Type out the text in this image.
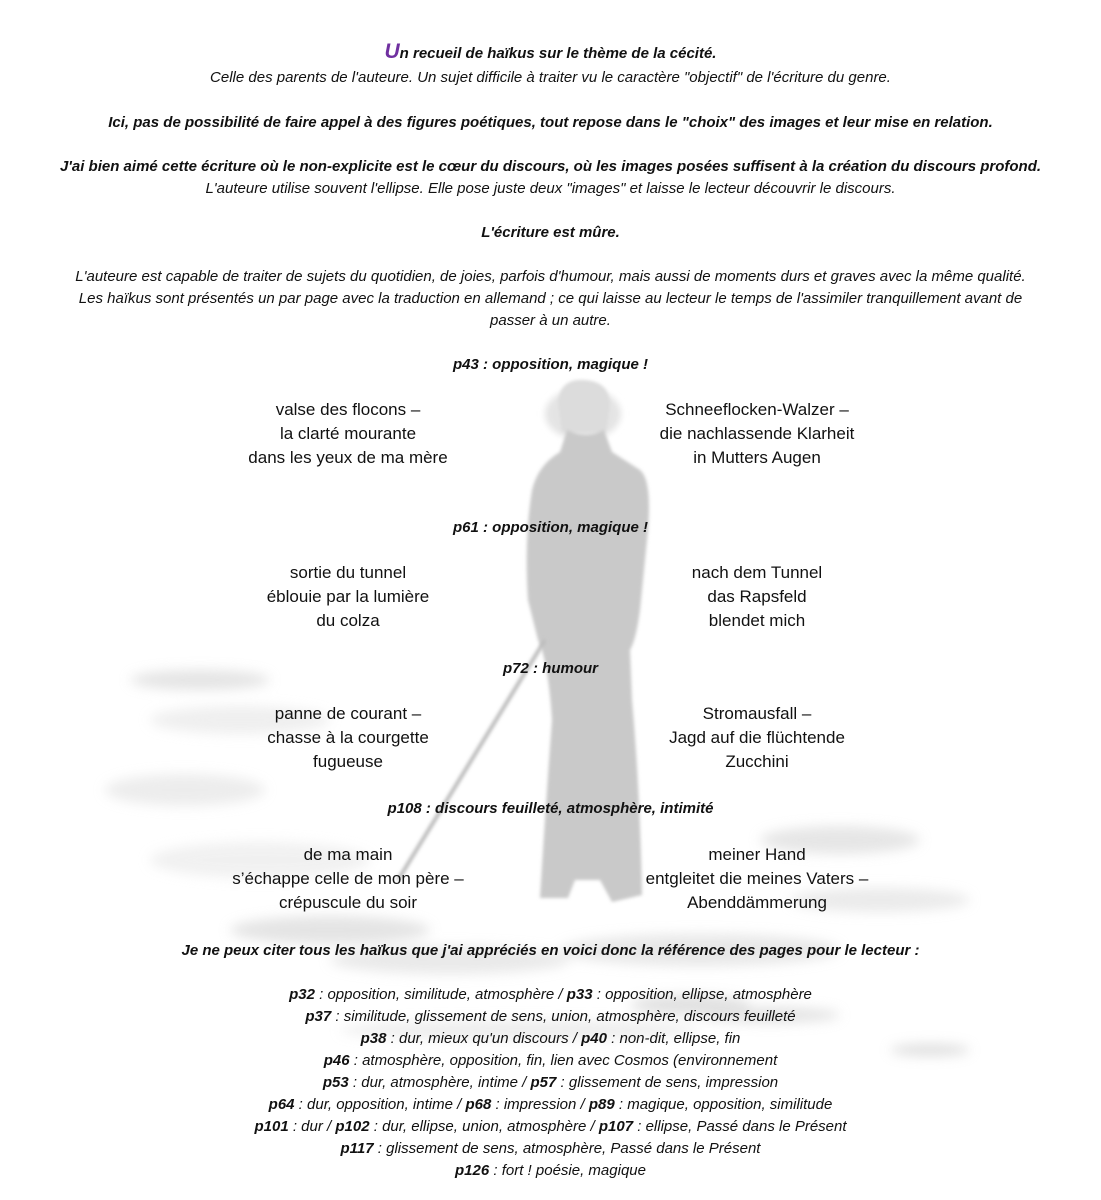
Un recueil de haïkus sur le thème de la cécité.
Celle des parents de l'auteure. Un sujet difficile à traiter vu le caractère "objectif" de l'écriture du genre.
Ici, pas de possibilité de faire appel à des figures poétiques, tout repose dans le "choix" des images et leur mise en relation.
J'ai bien aimé cette écriture où le non-explicite est le cœur du discours, où les images posées suffisent à la création du discours profond.
L'auteure utilise souvent l'ellipse. Elle pose juste deux "images" et laisse le lecteur découvrir le discours.
L'écriture est mûre.
L'auteure est capable de traiter de sujets du quotidien, de joies, parfois d'humour, mais aussi de moments durs et graves avec la même qualité.
Les haïkus sont présentés un par page avec la traduction en allemand ; ce qui laisse au lecteur le temps de l'assimiler tranquillement avant de passer à un autre.
p43 : opposition, magique !
valse des flocons –
la clarté mourante
dans les yeux de ma mère
Schneeflocken-Walzer –
die nachlassende Klarheit
in Mutters Augen
p61 : opposition, magique !
sortie du tunnel
éblouie par la lumière
du colza
nach dem Tunnel
das Rapsfeld
blendet mich
p72 : humour
panne de courant –
chasse à la courgette
fugueuse
Stromausfall –
Jagd auf die flüchtende
Zucchini
p108 : discours feuilleté, atmosphère, intimité
de ma main
s’échappe celle de mon père –
crépuscule du soir
meiner Hand
entgleitet die meines Vaters –
Abenddämmerung
Je ne peux citer tous les haïkus que j'ai appréciés en voici donc la référence des pages pour le lecteur :
p32 : opposition, similitude, atmosphère / p33 : opposition, ellipse, atmosphère
p37 : similitude, glissement de sens, union, atmosphère, discours feuilleté
p38 : dur, mieux qu'un discours / p40 : non-dit, ellipse, fin
p46 : atmosphère, opposition, fin, lien avec Cosmos (environnement
p53 : dur, atmosphère, intime / p57 : glissement de sens, impression
p64 : dur, opposition, intime / p68 : impression / p89 : magique, opposition, similitude
p101 : dur / p102 : dur, ellipse, union, atmosphère / p107 : ellipse, Passé dans le Présent
p117 : glissement de sens, atmosphère, Passé dans le Présent
p126 : fort ! poésie, magique
